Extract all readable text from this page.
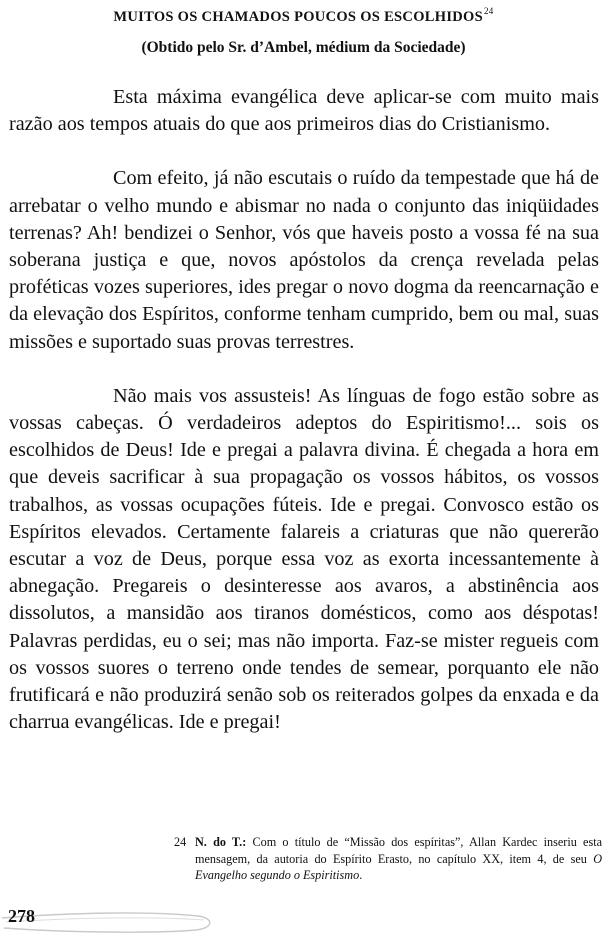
MUITOS OS CHAMADOS POUCOS OS ESCOLHIDOS$^{24}$
(Obtido pelo Sr. d’Ambel, médium da Sociedade)

Esta máxima evangélica deve aplicar-se com muito mais razão aos tempos atuais do que aos primeiros dias do Cristianismo.

Com efeito, já não escutais o ruído da tempestade que há de arrebatar o velho mundo e abismar no nada o conjunto das iniqüidades terrenas? Ah! bendizei o Senhor, vós que haveis posto a vossa fé na sua soberana justiça e que, novos apóstolos da crença revelada pelas proféticas vozes superiores, ides pregar o novo dogma da reencarnação e da elevação dos Espíritos, conforme tenham cumprido, bem ou mal, suas missões e suportado suas provas terrestres.

Não mais vos assusteis! As línguas de fogo estão sobre as vossas cabeças. Ó verdadeiros adeptos do Espiritismo!... sois os escolhidos de Deus! Ide e pregai a palavra divina. É chegada a hora em que deveis sacrificar à sua propagação os vossos hábitos, os vossos trabalhos, as vossas ocupações fúteis. Ide e pregai. Convosco estão os Espíritos elevados. Certamente falareis a criaturas que não quererão escutar a voz de Deus, porque essa voz as exorta incessantemente à abnegação. Pregareis o desinteresse aos avaros, a abstinência aos dissolutos, a mansidão aos tiranos domésticos, como aos déspotas! Palavras perdidas, eu o sei; mas não importa. Faz-se mister regueis com os vossos suores o terreno onde tendes de semear, porquanto ele não frutificará e não produzirá senão sob os reiterados golpes da enxada e da charrua evangélicas. Ide e pregai!

24 N. do T.: Com o título de “Missão dos espíritas”, Allan Kardec inseriu esta mensagem, da autoria do Espírito Erasto, no capítulo XX, item 4, de seu O Evangelho segundo o Espiritismo.
278
